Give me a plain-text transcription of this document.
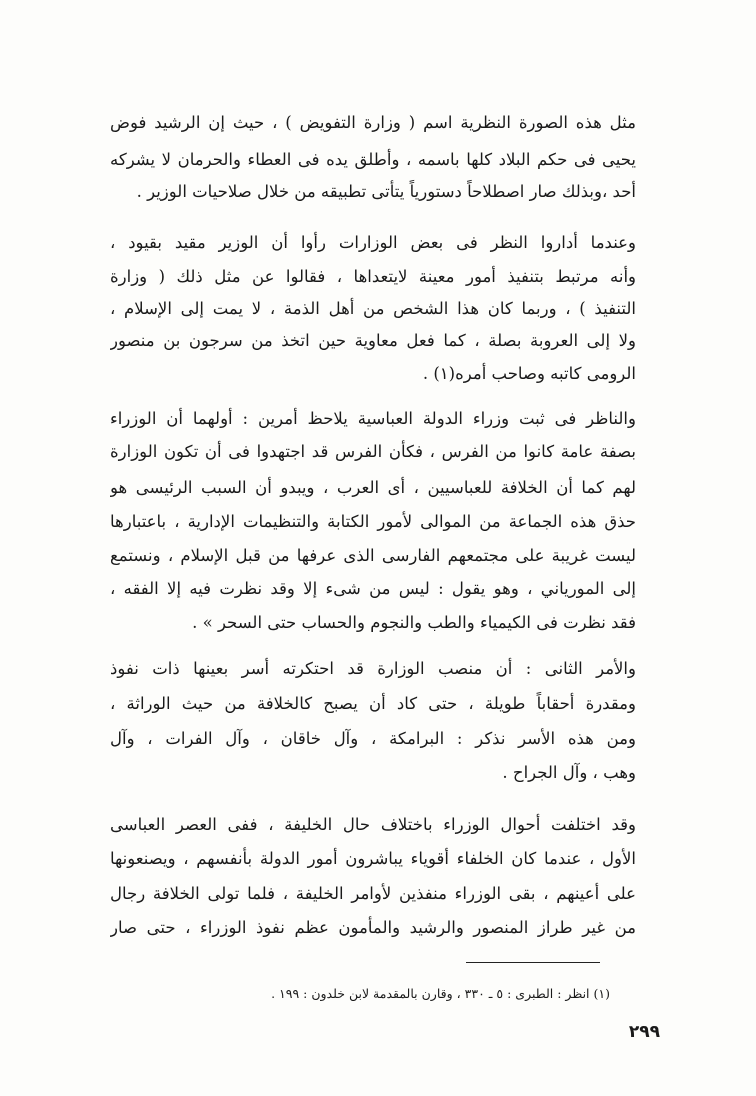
مثل هذه الصورة النظرية اسم ( وزارة التفويض ) ، حيث إن الرشيد فوض
يحيى فى حكم البلاد كلها باسمه ، وأطلق يده فى العطاء والحرمان لا يشركه
أحد ،وبذلك صار اصطلاحاً دستورياً يتأتى تطبيقه من خلال صلاحيات الوزير .
وعندما أداروا النظر فى بعض الوزارات رأوا أن الوزير مقيد بقيود ،
وأنه مرتبط بتنفيذ أمور معينة لايتعداها ، فقالوا عن مثل ذلك ( وزارة
التنفيذ ) ، وربما كان هذا الشخص من أهل الذمة ، لا يمت إلى الإسلام ،
ولا إلى العروبة بصلة ، كما فعل معاوية حين اتخذ من سرجون بن منصور
الرومى كاتبه وصاحب أمره(١) .
والناظر فى ثبت وزراء الدولة العباسية يلاحظ أمرين : أولهما أن الوزراء
بصفة عامة كانوا من الفرس ، فكأن الفرس قد اجتهدوا فى أن تكون الوزارة
لهم كما أن الخلافة للعباسيين ، أى العرب ، ويبدو أن السبب الرئيسى هو
حذق هذه الجماعة من الموالى لأمور الكتابة والتنظيمات الإدارية ، باعتبارها
ليست غريبة على مجتمعهم الفارسى الذى عرفها من قبل الإسلام ، ونستمع
إلى المورياني ، وهو يقول : ليس من شىء إلا وقد نظرت فيه إلا الفقه ،
فقد نظرت فى الكيمياء والطب والنجوم والحساب حتى السحر » .
والأمر الثانى : أن منصب الوزارة قد احتكرته أسر بعينها ذات نفوذ
ومقدرة أحقاباً طويلة ، حتى كاد أن يصبح كالخلافة من حيث الوراثة ،
ومن هذه الأسر نذكر : البرامكة ، وآل خاقان ، وآل الفرات ، وآل
وهب ، وآل الجراح .
وقد اختلفت أحوال الوزراء باختلاف حال الخليفة ، ففى العصر العباسى
الأول ، عندما كان الخلفاء أقوياء يباشرون أمور الدولة بأنفسهم ، ويصنعونها
على أعينهم ، بقى الوزراء منفذين لأوامر الخليفة ، فلما تولى الخلافة رجال
من غير طراز المنصور والرشيد والمأمون عظم نفوذ الوزراء ، حتى صار
(١) انظر : الطبرى : ٥ ـ ٣٣٠ ، وقارن بالمقدمة لابن خلدون : ١٩٩ .
٢٩٩
